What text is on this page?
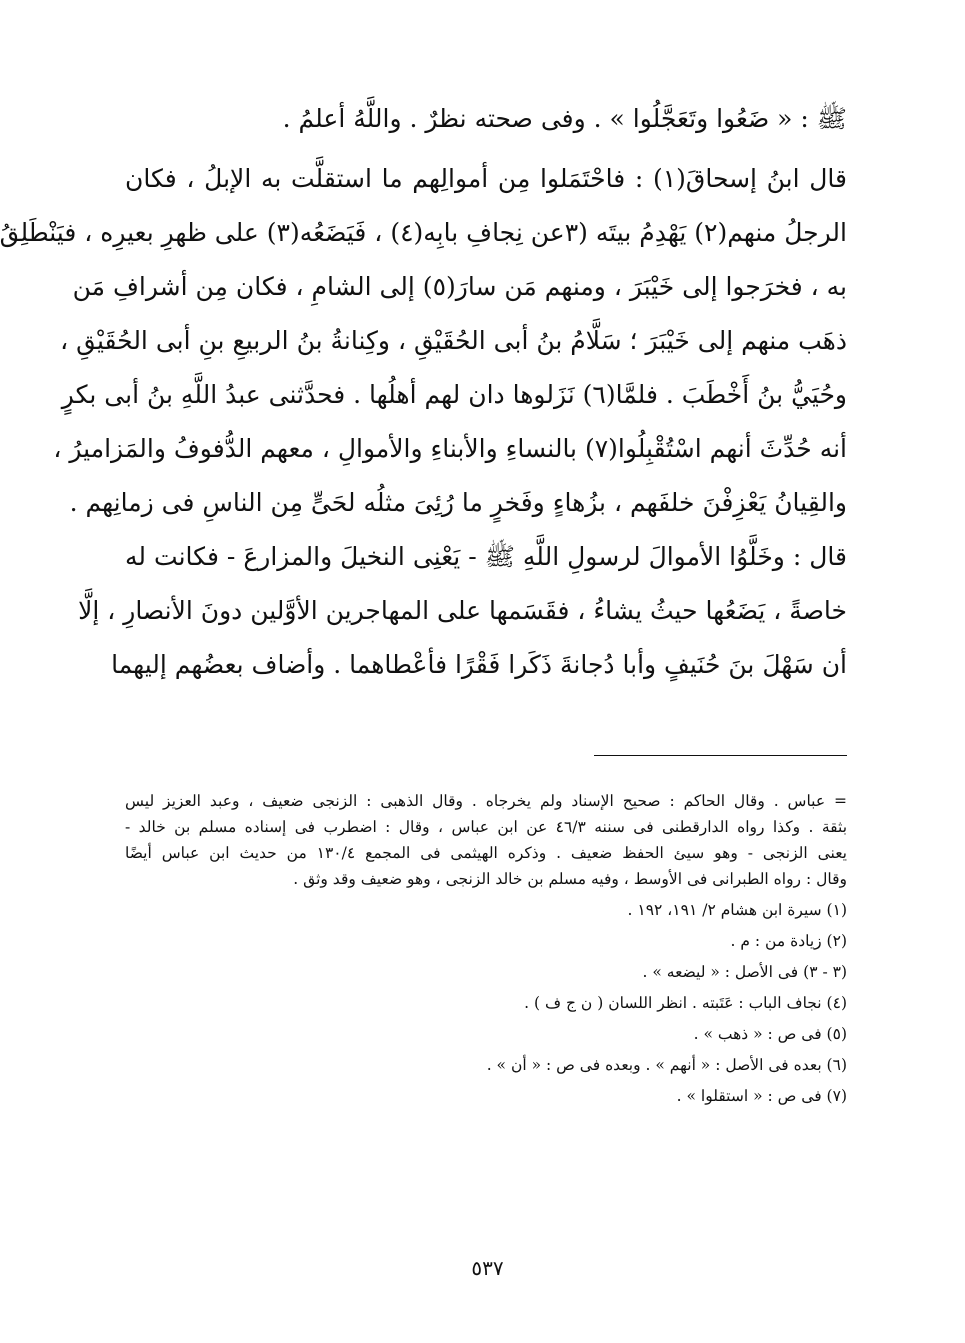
ﷺ : « ضَعُوا وتَعَجَّلُوا » . وفى صحته نظرٌ . واللَّهُ أعلمُ .
قال ابنُ إسحاقَ(١) : فاحْتَمَلوا مِن أموالِهم ما استقلَّت به الإبلُ ، فكان
الرجلُ منهم(٢) يَهْدِمُ بيتَه (٣عن نِجافِ بابِه(٤) ، فَيَضَعُه(٣) على ظهرِ بعيرِه ، فيَنْطَلِقُ
به ، فخرَجوا إلى خَيْبَرَ ، ومنهم مَن سارَ(٥) إلى الشامِ ، فكان مِن أشرافِ مَن
ذهَب منهم إلى خَيْبَرَ ؛ سَلَّامُ بنُ أبى الحُقَيْقِ ، وكِنانةُ بنُ الربيعِ بنِ أبى الحُقَيْقِ ،
وحُيَيُّ بنُ أَخْطَبَ . فلمَّا(٦) نَزَلوها دان لهم أهلُها . فحدَّثنى عبدُ اللَّهِ بنُ أبى بكرٍ
أنه حُدِّثَ أنهم اسْتُقْبِلُوا(٧) بالنساءِ والأبناءِ والأموالِ ، معهم الدُّفوفُ والمَزاميرُ ،
والقِيانُ يَعْزِفْنَ خلفَهم ، بزُهاءٍ وفَخرٍ ما رُئِىَ مثلُه لحَىٍّ مِن الناسِ فى زمانِهم .
قال : وخَلَّوُا الأموالَ لرسولِ اللَّهِ ﷺ - يَعْنِى النخيلَ والمزارعَ - فكانت له
خاصةً ، يَضَعُها حيثُ يشاءُ ، فقَسَمها على المهاجرين الأوَّلين دونَ الأنصارِ ، إلَّا
أن سَهْلَ بنَ حُنَيفٍ وأبا دُجانةَ ذَكَرا فَقْرًا فأعْطاهما . وأضاف بعضُهم إليهما
= عباس . وقال الحاكم : صحيح الإسناد ولم يخرجاه . وقال الذهبى : الزنجى ضعيف ، وعبد العزيز ليس
بثقة . وكذا رواه الدارقطنى فى سننه ٤٦/٣ عن ابن عباس ، وقال : اضطرب فى إسناده مسلم بن خالد -
يعنى الزنجى - وهو سيئ الحفظ ضعيف . وذكره الهيثمى فى المجمع ١٣٠/٤ من حديث ابن عباس أيضًا
وقال : رواه الطبرانى فى الأوسط ، وفيه مسلم بن خالد الزنجى ، وهو ضعيف وقد وثق .
(١) سيرة ابن هشام ٢/ ١٩١، ١٩٢ .
(٢) زيادة من : م .
(٣ - ٣) فى الأصل : « ليضعه » .
(٤) نجاف الباب : عَتَبته . انظر اللسان ( ن ج ف ) .
(٥) فى ص : « ذهب » .
(٦) بعده فى الأصل : « أنهم » . وبعده فى ص : « أن » .
(٧) فى ص : « استقلوا » .
٥٣٧
